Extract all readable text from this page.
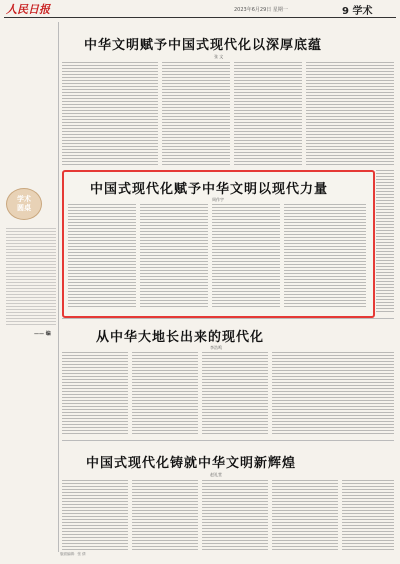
人民日报	2023年6月29日 星期一	9 学术
中华文明赋予中国式现代化以深厚底蕴
张 文
学术
圆桌
—— 编
中国式现代化赋予中华文明以现代力量
周作宇
从中华大地长出来的现代化
李浩鸣
中国式现代化铸就中华文明新辉煌
赵礼堂
版面编辑：张 倩
